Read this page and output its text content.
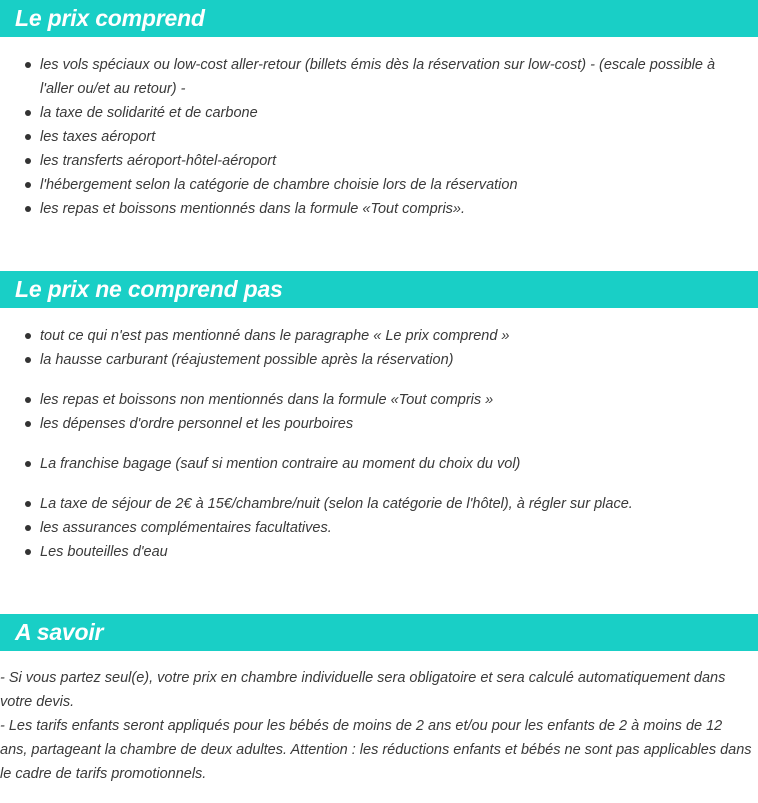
Le prix comprend
les vols spéciaux ou low-cost aller-retour (billets émis dès la réservation sur low-cost) - (escale possible à l'aller ou/et au retour) -
la taxe de solidarité et de carbone
les taxes aéroport
les transferts aéroport-hôtel-aéroport
l'hébergement selon la catégorie de chambre choisie lors de la réservation
les repas et boissons mentionnés dans la formule «Tout compris».
Le prix ne comprend pas
tout ce qui n'est pas mentionné dans le paragraphe « Le prix comprend »
la hausse carburant (réajustement possible après la réservation)
les repas et boissons non mentionnés dans la formule «Tout compris »
les dépenses d'ordre personnel et les pourboires
La franchise bagage (sauf si mention contraire au moment du choix du vol)
La taxe de séjour de 2€ à 15€/chambre/nuit (selon la catégorie de l'hôtel), à régler sur place.
les assurances complémentaires facultatives.
Les bouteilles d'eau
A savoir

- Si vous partez seul(e), votre prix en chambre individuelle sera obligatoire et sera calculé automatiquement dans votre devis.

- Les tarifs enfants seront appliqués pour les bébés de moins de 2 ans et/ou pour les enfants de 2 à moins de 12 ans, partageant la chambre de deux adultes. Attention : les réductions enfants et bébés ne sont pas applicables dans le cadre de tarifs promotionnels.
